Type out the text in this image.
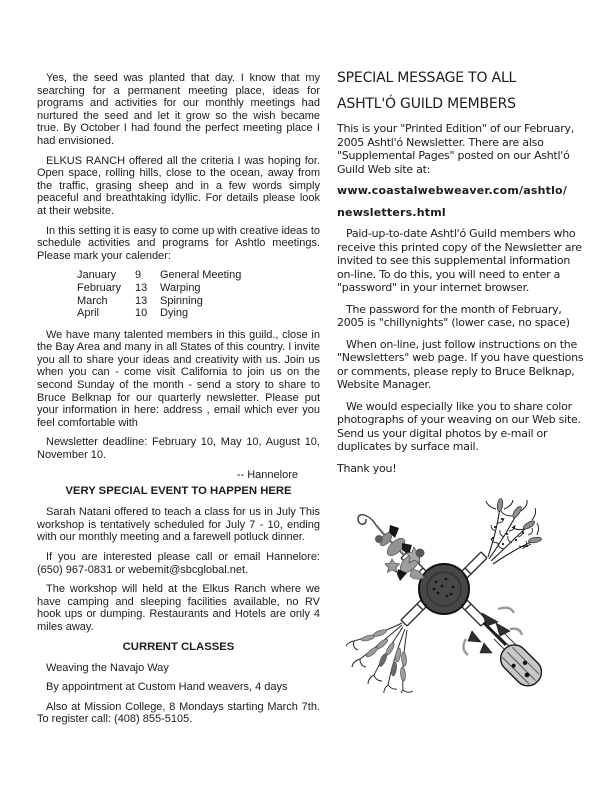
Yes, the seed was planted that day. I know that my searching for a permanent meeting place, ideas for programs and activities for our monthly meetings had nurtured the seed and let it grow so the wish became true. By October I had found the perfect meeting place I had envisioned.

ELKUS RANCH offered all the criteria I was hoping for. Open space, rolling hills, close to the ocean, away from the traffic, grasing sheep and in a few words simply peaceful and breathtaking idyllic. For details please look at their website.

In this setting it is easy to come up with creative ideas to schedule activities and programs for Ashtlo meetings. Please mark your calender:

January	9	General Meeting
February	13	Warping
March	13	Spinning
April	10	Dying

We have many talented members in this guild., close in the Bay Area and many in all States of this country. I invite you all to share your ideas and creativity with us. Join us when you can - come visit California to join us on the second Sunday of the month - send a story to share to Bruce Belknap for our quarterly newsletter. Please put your information in here: address , email which ever you feel comfortable with

Newsletter deadline: February 10, May 10, August 10, November 10.

-- Hannelore

VERY SPECIAL EVENT TO HAPPEN HERE

Sarah Natani offered to teach a class for us in July This workshop is tentatively scheduled for July 7 - 10, ending with our monthly meeting and a farewell potluck dinner.

If you are interested please call or email Hannelore: (650) 967-0831 or webemit@sbcglobal.net.

The workshop will held at the Elkus Ranch where we have camping and sleeping facilities available, no RV hook ups or dumping. Restaurants and Hotels are only 4 miles away.

CURRENT CLASSES

Weaving the Navajo Way

By appointment at Custom Hand weavers, 4 days

Also at Mission College, 8 Mondays starting March 7th. To register call: (408) 855-5105.

SPECIAL MESSAGE TO ALL
ASHTL'Ó GUILD MEMBERS

This is your "Printed Edition" of our February, 2005 Ashtl'ó Newsletter. There are also "Supplemental Pages" posted on our Ashtl'ó Guild Web site at:

www.coastalwebweaver.com/ashtlo/

newsletters.html

Paid-up-to-date Ashtl'ó Guild members who receive this printed copy of the Newsletter are invited to see this supplemental information on-line. To do this, you will need to enter a "password" in your internet browser.

The password for the month of February, 2005 is "chillynights" (lower case, no space)

When on-line, just follow instructions on the "Newsletters" web page. If you have questions or comments, please reply to Bruce Belknap, Website Manager.

We would especially like you to share color photographs of your weaving on our Web site. Send us your digital photos by e-mail or duplicates by surface mail.

Thank you!
